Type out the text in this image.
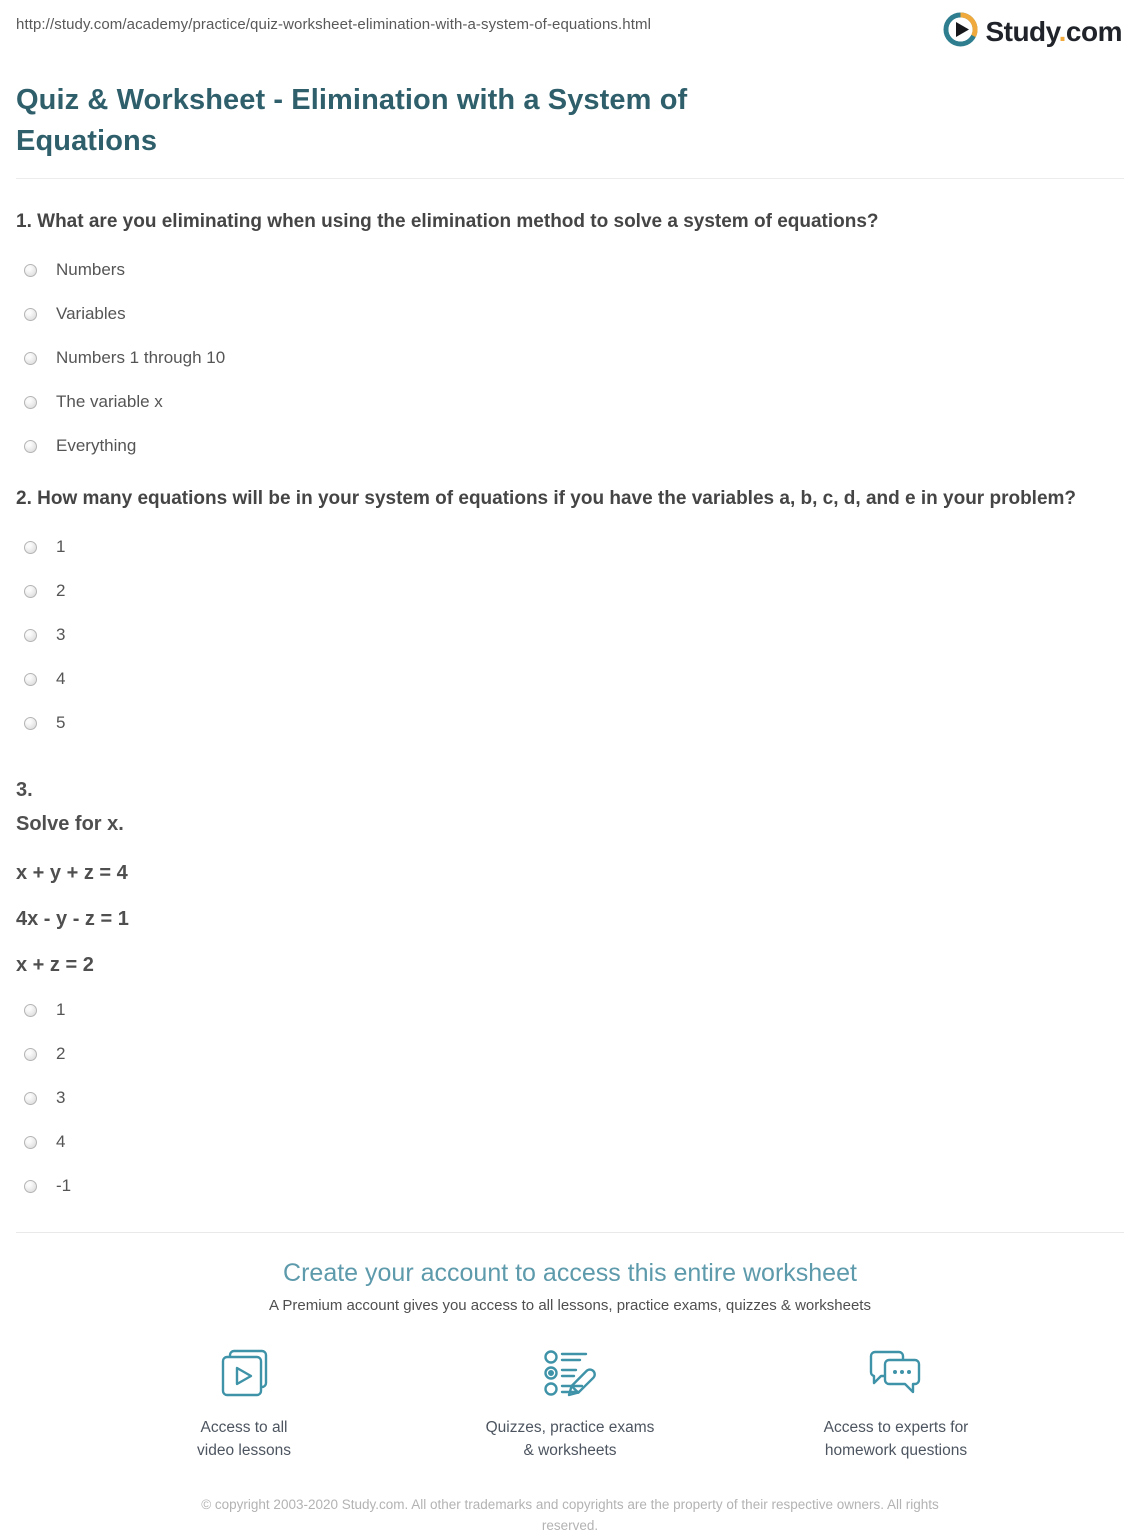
http://study.com/academy/practice/quiz-worksheet-elimination-with-a-system-of-equations.html	Study.com
Quiz & Worksheet - Elimination with a System of Equations
1. What are you eliminating when using the elimination method to solve a system of equations?
Numbers
Variables
Numbers 1 through 10
The variable x
Everything
2. How many equations will be in your system of equations if you have the variables a, b, c, d, and e in your problem?
1
2
3
4
5
3.
Solve for x.
x + y + z = 4
4x - y - z = 1
x + z = 2
1
2
3
4
-1
Create your account to access this entire worksheet
A Premium account gives you access to all lessons, practice exams, quizzes & worksheets
Access to all
video lessons
Quizzes, practice exams
& worksheets
Access to experts for
homework questions
© copyright 2003-2020 Study.com. All other trademarks and copyrights are the property of their respective owners. All rights reserved.
